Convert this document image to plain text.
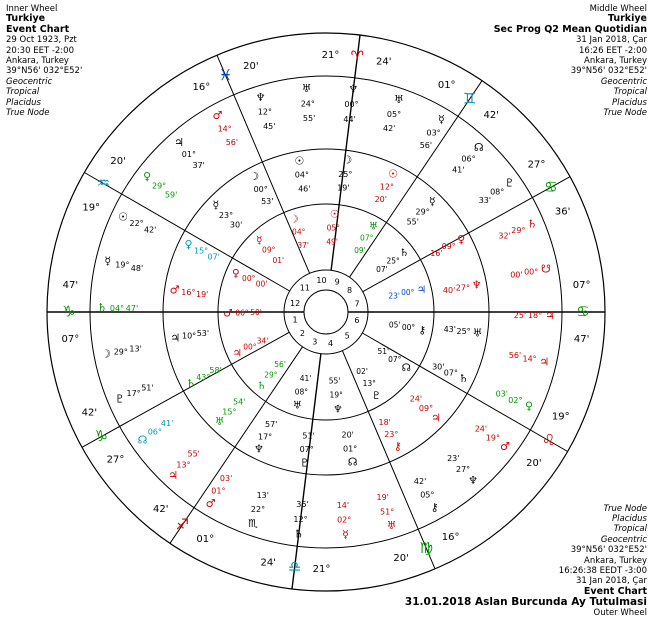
Inner Wheel
Turkiye
Event Chart
29 Oct 1923, Pzt
20:30 EET -2:00
Ankara, Turkey
39°N56' 032°E52'
Geocentric
Tropical
Placidus
True Node
Middle Wheel
Turkiye
Sec Prog Q2 Mean Quotidian
31 Jan 2018, Çar
16:26 EET -2:00
Ankara, Turkey
39°N56' 032°E52'
Geocentric
Tropical
Placidus
True Node
True Node
Placidus
Tropical
Geocentric
39°N56' 032°E52'
Ankara, Turkey
16:26:38 EEDT -3:00
31 Jan 2018, Çar
Event Chart
31.01.2018 Aslan Burcunda Ay Tutulmasi
Outer Wheel
1
2
3 4
5
6
7
8
9
10
11
12
♑
07°
47'
♑
27°
42'
♐
01°
42'
♎ 21°
24'
♍
16°
20'
♌
19°
20'
♋
07°
47'
♋
27°
36'
♊
01°
42'
♈
21°
24'
♓
16°
20'
♒
19°
20'
♅
24°
55'
♆
12°
45'
♂
14°
56'
♃
01°
37'
♀
29°
59'
☉
22°
42'
☿ 19° 48'
♄ 04° 47'
☽ 29° 13'
♇ 17°
51'
☊
06°
41'
♃
13°
55'
♂
01°
03'
♏
22°
13'
♄
12°
36'
☿
02°
14'
♅
51°
19'
⚷
05°
42'	♆
27°
23'
♂
19°
24'
♀
02°
03'
♃
14°
56'
♃
18°
25'
☋
00°
00'
♄
29°
32'
♇
08°
33'
☊
06°
41'
☿
03°
56'
♅
05°
42'
♆
00°
44'
☉
04°
46'
☽
00°
53'
☿
23°
30'
♀
15°
07'
♂ 16° 19'
♃ 10° 53'
♄ 43°
58'
♅
15°
54'
♆
17°
57'
♇
07°
51'
☊
01°
20'
⚷
23°
18'	♃
09°
24'
♄
07°
30'
♅
25°
43'
♆
27°
40'
♀
09°
16'
☿
29°
55'
☉
12°
20'
☽
25°
19'
☉
05°
49'
☽
04°
37'
☿
09°
01'
♀ 00°
00'
♂ 06° 50'
♃
00°
34'
♄
29°
56'
♅
08°
41'
♆
19°
55'
♇
13°
02'	☊
07°
51'
⚷
00°
05'
♃
00°
23'
♄
25°
07'
♅
07°
09'
